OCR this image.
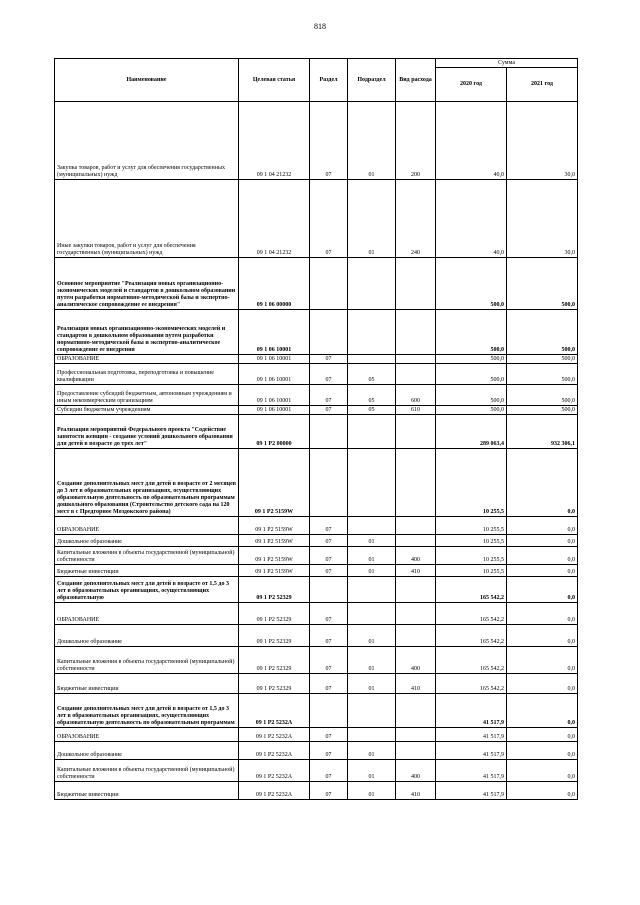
818
Наименование	Целевая статья	Раздел	Подраздел	Вид расхода	Сумма	
					2020 год	2021 год
Закупка товаров, работ и услуг для обеспечения государственных (муниципальных) нужд	09 1 04 21232	07	01	200	40,0	30,0
Иные закупки товаров, работ и услуг для обеспечения государственных (муниципальных) нужд	09 1 04 21232	07	01	240	40,0	30,0
Основное мероприятие "Реализация новых организационно-экономических моделей и стандартов в дошкольном образовании путем разработки нормативно-методической базы и экспертно-аналитическое сопровождение ее внедрения"	09 1 06 00000				500,0	500,0
Реализация новых организационно-экономических моделей и стандартов в дошкольном образовании путем разработки нормативно-методической базы и экспертно-аналитическое сопровождение ее внедрения	09 1 06 10001				500,0	500,0
ОБРАЗОВАНИЕ	09 1 06 10001	07			500,0	500,0
Профессиональная подготовка, переподготовка и повышение квалификации	09 1 06 10001	07	05		500,0	500,0
Предоставление субсидий бюджетным, автономным учреждениям и иным некоммерческим организациям	09 1 06 10001	07	05	600	500,0	500,0
Субсидии бюджетным учреждениям	09 1 06 10001	07	05	610	500,0	500,0
Реализация мероприятий Федерального проекта "Содействие занятости женщин - создание условий дошкольного образования для детей в возрасте до трех лет"	09 1 P2 00000				289 063,4	932 306,1
Создание дополнительных мест для детей в возрасте от 2 месяцев до 3 лет в образовательных организациях, осуществляющих образовательную деятельность по образовательным программам дошкольного образования (Строительство детского сада на 120 мест в с Предгорное Моздокского района)	09 1 P2 5159W				10 255,5	0,0
ОБРАЗОВАНИЕ	09 1 P2 5159W	07			10 255,5	0,0
Дошкольное образование	09 1 P2 5159W	07	01		10 255,5	0,0
Капитальные вложения в объекты государственной (муниципальной) собственности	09 1 P2 5159W	07	01	400	10 255,5	0,0
Бюджетные инвестиции	09 1 P2 5159W	07	01	410	10 255,5	0,0
Создание дополнительных мест для детей в возрасте от 1,5 до 3 лет в образовательных организациях, осуществляющих образовательную	09 1 P2 52329				165 542,2	0,0
ОБРАЗОВАНИЕ	09 1 P2 52329	07			165 542,2	0,0
Дошкольное образование	09 1 P2 52329	07	01		165 542,2	0,0
Капитальные вложения в объекты государственной (муниципальной) собственности	09 1 P2 52329	07	01	400	165 542,2	0,0
Бюджетные инвестиции	09 1 P2 52329	07	01	410	165 542,2	0,0
Создание дополнительных мест для детей в возрасте от 1,5 до 3 лет в образовательных организациях, осуществляющих образовательную деятельность по образовательным программам	09 1 P2 5232A				41 517,9	0,0
ОБРАЗОВАНИЕ	09 1 P2 5232A	07			41 517,9	0,0
Дошкольное образование	09 1 P2 5232A	07	01		41 517,9	0,0
Капитальные вложения в объекты государственной (муниципальной) собственности	09 1 P2 5232A	07	01	400	41 517,9	0,0
Бюджетные инвестиции	09 1 P2 5232A	07	01	410	41 517,9	0,0
